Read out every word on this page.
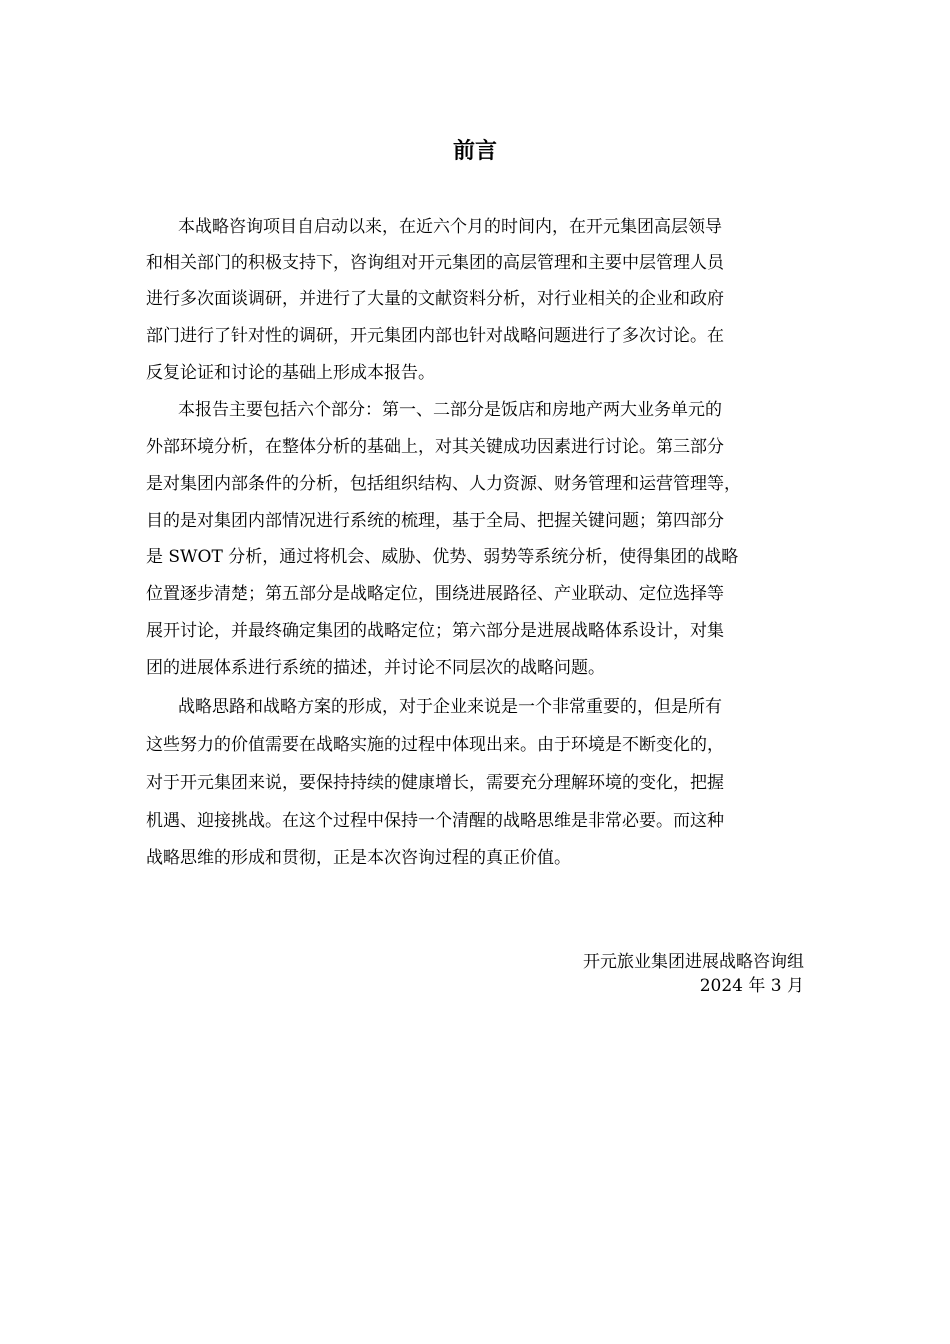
前言
本战略咨询项目自启动以来，在近六个月的时间内，在开元集团高层领导
和相关部门的积极支持下，咨询组对开元集团的高层管理和主要中层管理人员
进行多次面谈调研，并进行了大量的文献资料分析，对行业相关的企业和政府
部门进行了针对性的调研，开元集团内部也针对战略问题进行了多次讨论。在
反复论证和讨论的基础上形成本报告。
本报告主要包括六个部分：第一、二部分是饭店和房地产两大业务单元的
外部环境分析，在整体分析的基础上，对其关键成功因素进行讨论。第三部分
是对集团内部条件的分析，包括组织结构、人力资源、财务管理和运营管理等，
目的是对集团内部情况进行系统的梳理，基于全局、把握关键问题；第四部分
是 SWOT 分析，通过将机会、威胁、优势、弱势等系统分析，使得集团的战略
位置逐步清楚；第五部分是战略定位，围绕进展路径、产业联动、定位选择等
展开讨论，并最终确定集团的战略定位；第六部分是进展战略体系设计，对集
团的进展体系进行系统的描述，并讨论不同层次的战略问题。
战略思路和战略方案的形成，对于企业来说是一个非常重要的，但是所有
这些努力的价值需要在战略实施的过程中体现出来。由于环境是不断变化的，
对于开元集团来说，要保持持续的健康增长，需要充分理解环境的变化，把握
机遇、迎接挑战。在这个过程中保持一个清醒的战略思维是非常必要。而这种
战略思维的形成和贯彻，正是本次咨询过程的真正价值。
开元旅业集团进展战略咨询组
2024 年 3 月
